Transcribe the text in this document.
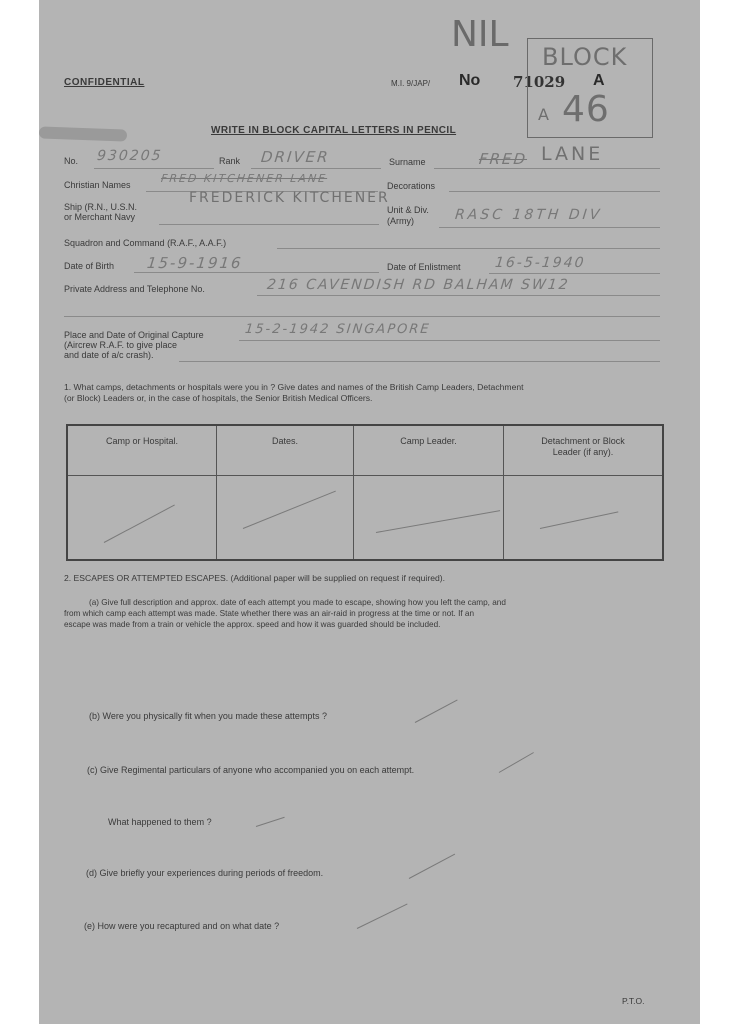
CONFIDENTIAL	M.I. 9/JAP/ No 71029 A
WRITE IN BLOCK CAPITAL LETTERS IN PENCIL
NIL
BLOCK
A 46
No. 930205	Rank DRIVER	Surname	FRED LANE
Christian Names	FRED KITCHENER LANE
Decorations
Ship (R.N., U.S.N.
or Merchant Navy
FREDERICK KITCHENER
Unit & Div.
(Army)	RASC 18TH DIV
Squadron and Command (R.A.F., A.A.F.)
Date of Birth 15-9-1916	Date of Enlistment 16-5-1940
Private Address and Telephone No.	216 CAVENDISH RD BALHAM SW12
Place and Date of Original Capture
(Aircrew R.A.F. to give place
and date of a/c crash).
15-2-1942 SINGAPORE
1. What camps, detachments or hospitals were you in ? Give dates and names of the British Camp Leaders, Detachment
(or Block) Leaders or, in the case of hospitals, the Senior British Medical Officers.
Camp or Hospital.	Dates.	Camp Leader.	Detachment or Block
Leader (if any).

2. ESCAPES OR ATTEMPTED ESCAPES. (Additional paper will be supplied on request if required).
(a) Give full description and approx. date of each attempt you made to escape, showing how you left the camp, and
from which camp each attempt was made. State whether there was an air-raid in progress at the time or not. If an
escape was made from a train or vehicle the approx. speed and how it was guarded should be included.
(b) Were you physically fit when you made these attempts ?
(c) Give Regimental particulars of anyone who accompanied you on each attempt.
What happened to them ?
(d) Give briefly your experiences during periods of freedom.
(e) How were you recaptured and on what date ?
P.T.O.
